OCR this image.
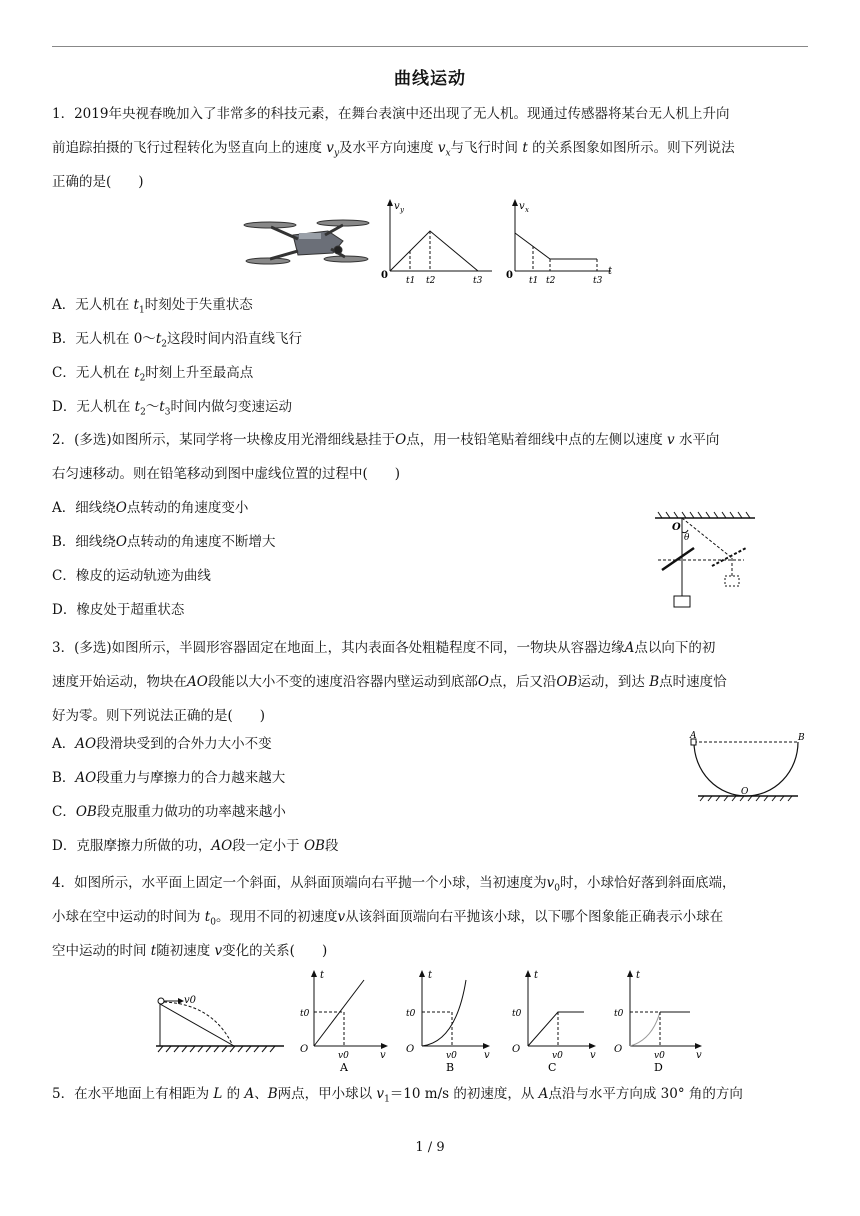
曲线运动
1．2019年央视春晚加入了非常多的科技元素，在舞台表演中还出现了无人机。现通过传感器将某台无人机上升向
前追踪拍摄的飞行过程转化为竖直向上的速度 $v_y$及水平方向速度 $v_x$与飞行时间 t 的关系图象如图所示。则下列说法
正确的是(　　)
v y
0 t1 t2	t3
v x
0 t1 t2	t3
t
A．无人机在 $t_1$时刻处于失重状态
B．无人机在 $0\sim t_2$这段时间内沿直线飞行
C．无人机在 $t_2$时刻上升至最高点
D．无人机在 $t_2\sim t_3$时间内做匀变速运动
2．(多选)如图所示，某同学将一块橡皮用光滑细线悬挂于O点，用一枝铅笔贴着细线中点的左侧以速度 v 水平向
右匀速移动。则在铅笔移动到图中虚线位置的过程中(　　)
A．细线绕O点转动的角速度变小
B．细线绕O点转动的角速度不断增大
C．橡皮的运动轨迹为曲线
D．橡皮处于超重状态
O
θ
3．(多选)如图所示，半圆形容器固定在地面上，其内表面各处粗糙程度不同，一物块从容器边缘A点以向下的初
速度开始运动，物块在AO段能以大小不变的速度沿容器内壁运动到底部O点，后又沿OB运动，到达 B点时速度恰
好为零。则下列说法正确的是(　　)
A．AO段滑块受到的合外力大小不变
B．AO段重力与摩擦力的合力越来越大
C．OB段克服重力做功的功率越来越小
D．克服摩擦力所做的功，AO段一定小于 OB段
A	B
O
4．如图所示，水平面上固定一个斜面，从斜面顶端向右平抛一个小球，当初速度为$v_0$时，小球恰好落到斜面底端，
小球在空中运动的时间为 $t_0$。现用不同的初速度v从该斜面顶端向右平抛该小球，以下哪个图象能正确表示小球在
空中运动的时间 t随初速度 v变化的关系(　　)
v0
t
t0
O
v0	v
A
t
t0
O
v0	v
B
t
t0
O
v0	v
C
t
t0
O
v0	v
D
5．在水平地面上有相距为 L 的 A、B两点，甲小球以 $v_1=10$ m/s 的初速度，从 A点沿与水平方向成 30° 角的方向
1 / 9
